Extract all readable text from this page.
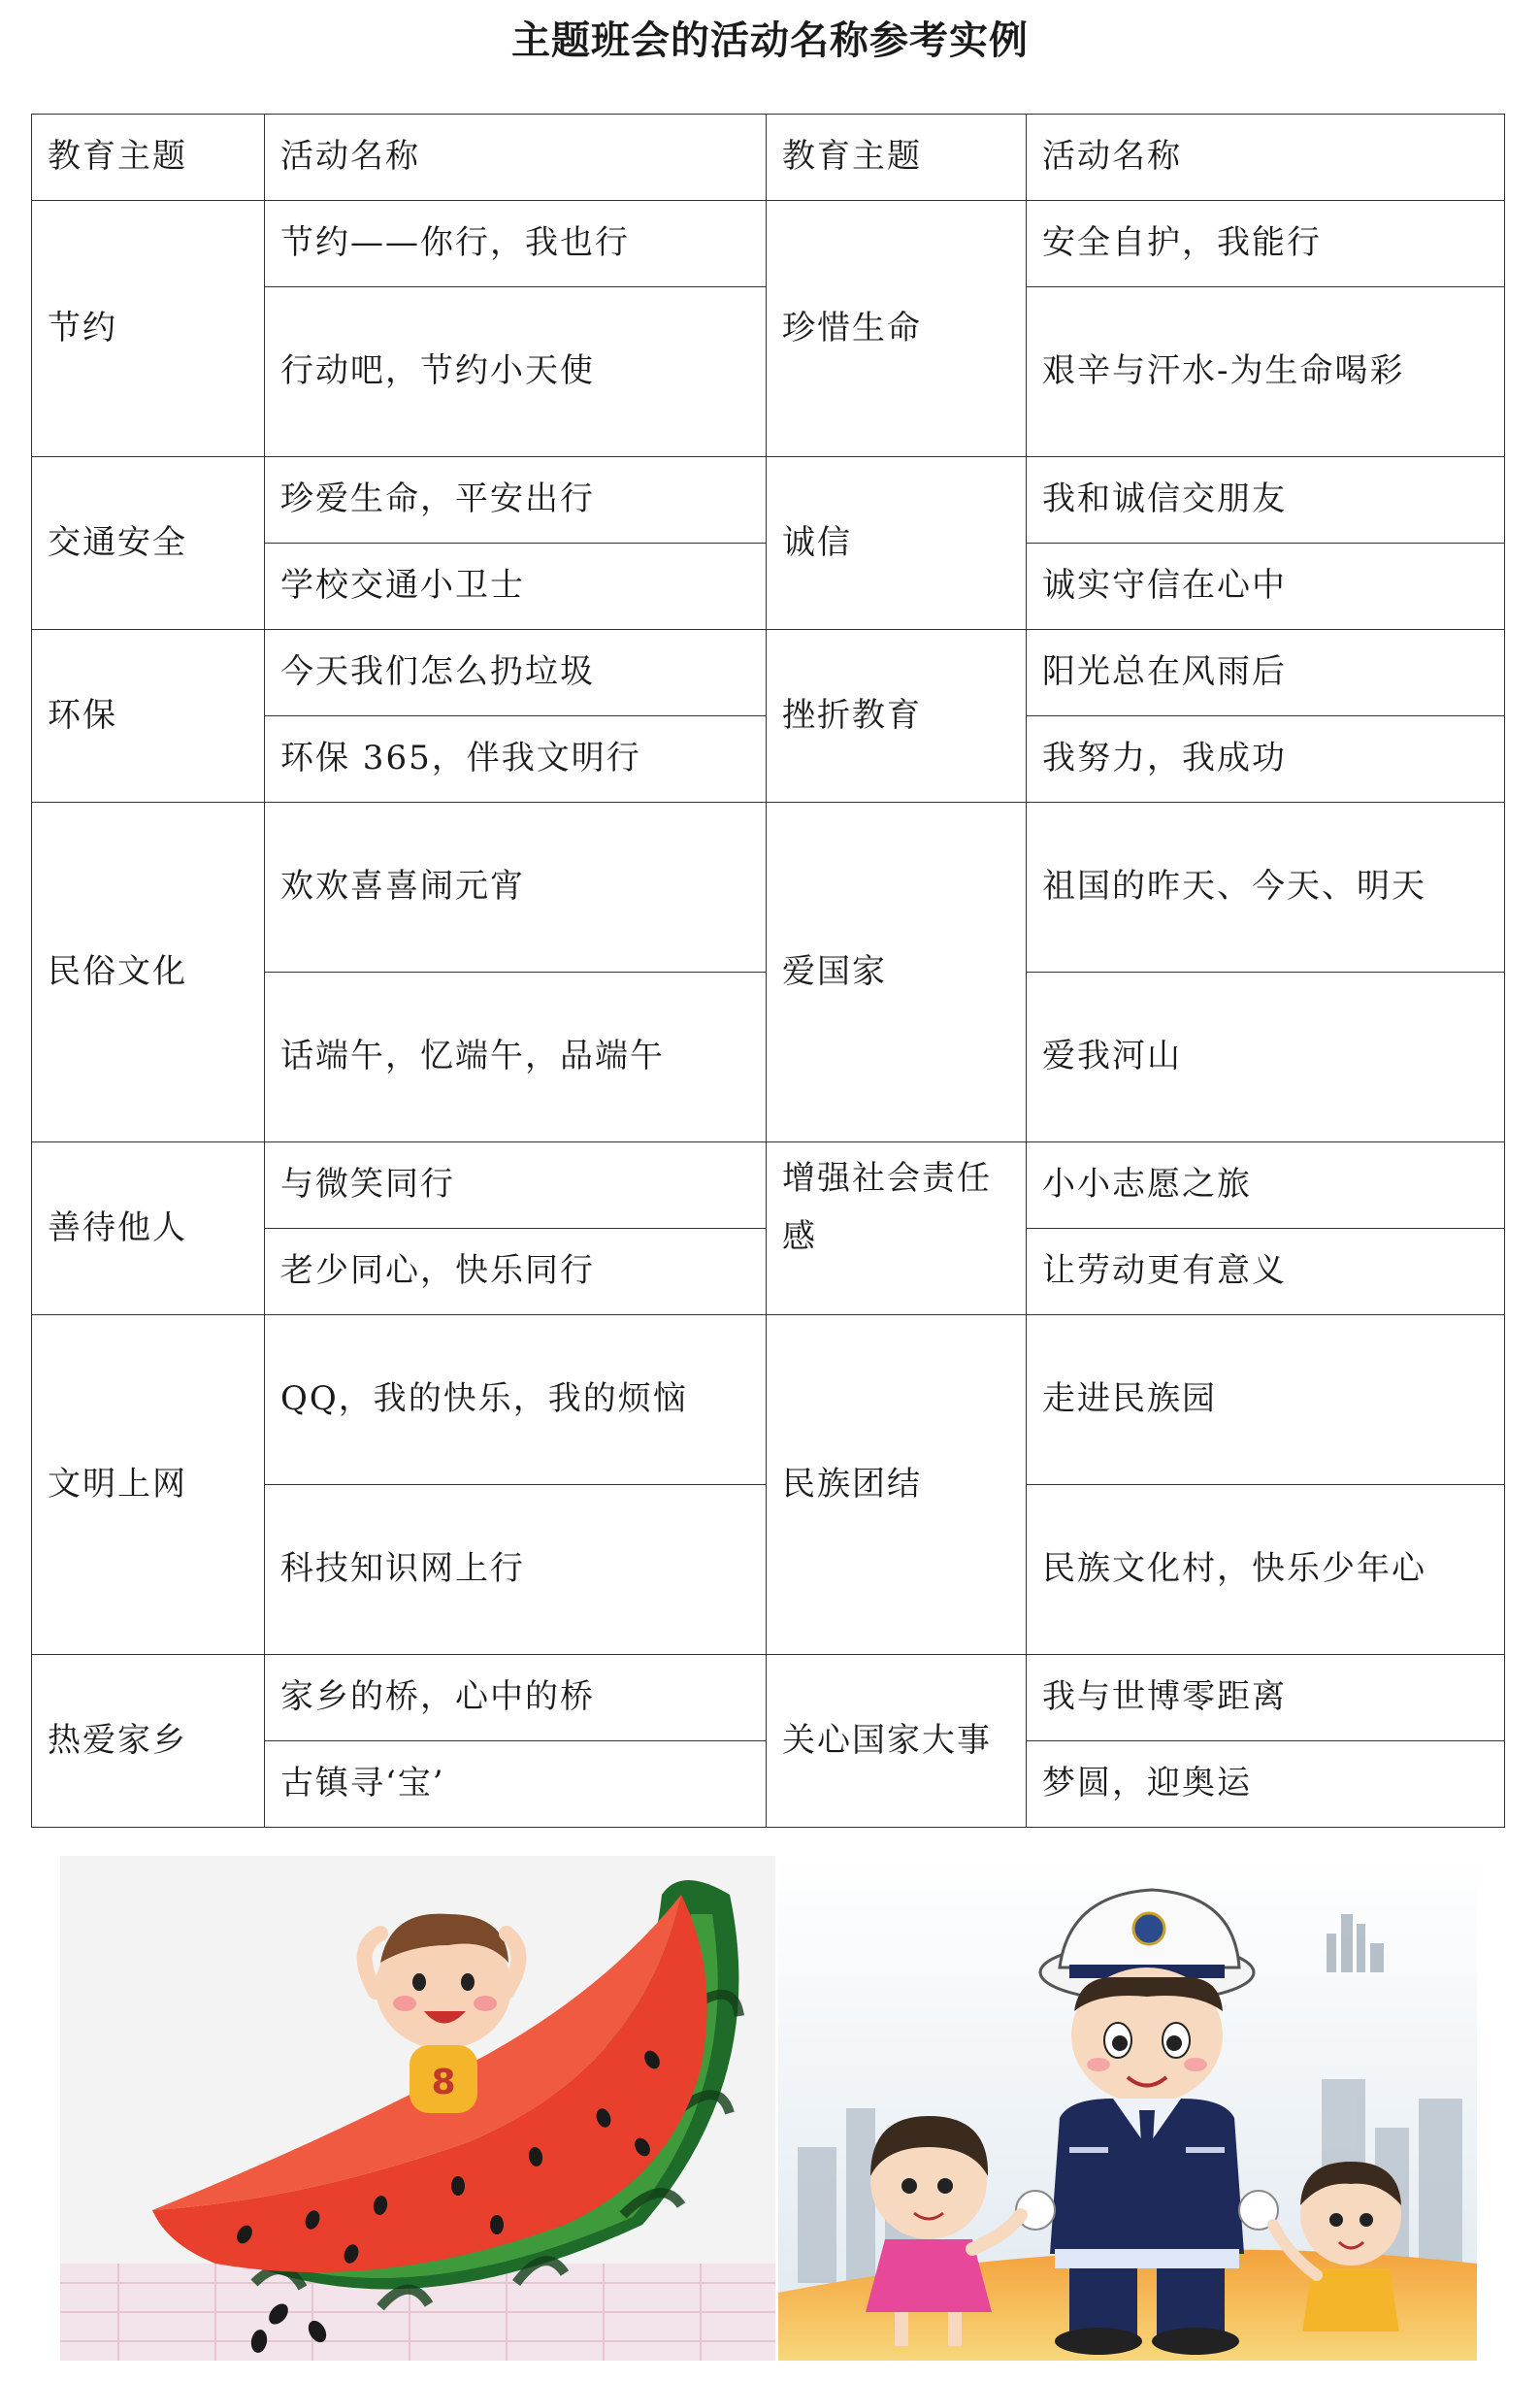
主题班会的活动名称参考实例
教育主题	活动名称	教育主题	活动名称
节约	节约——你行，我也行	珍惜生命	安全自护，我能行
	行动吧，节约小天使		艰辛与汗水-为生命喝彩
交通安全	珍爱生命，平安出行	诚信	我和诚信交朋友
	学校交通小卫士		诚实守信在心中
环保	今天我们怎么扔垃圾	挫折教育	阳光总在风雨后
	环保 365，伴我文明行		我努力，我成功
民俗文化	欢欢喜喜闹元宵	爱国家	祖国的昨天、今天、明天
	话端午，忆端午，品端午		爱我河山
善待他人	与微笑同行	增强社会责任感	小小志愿之旅
	老少同心，快乐同行		让劳动更有意义
文明上网	QQ，我的快乐，我的烦恼	民族团结	走进民族园
	科技知识网上行		民族文化村，快乐少年心
热爱家乡	家乡的桥，心中的桥	关心国家大事	我与世博零距离
	古镇寻‘宝’		梦圆，迎奥运
8
